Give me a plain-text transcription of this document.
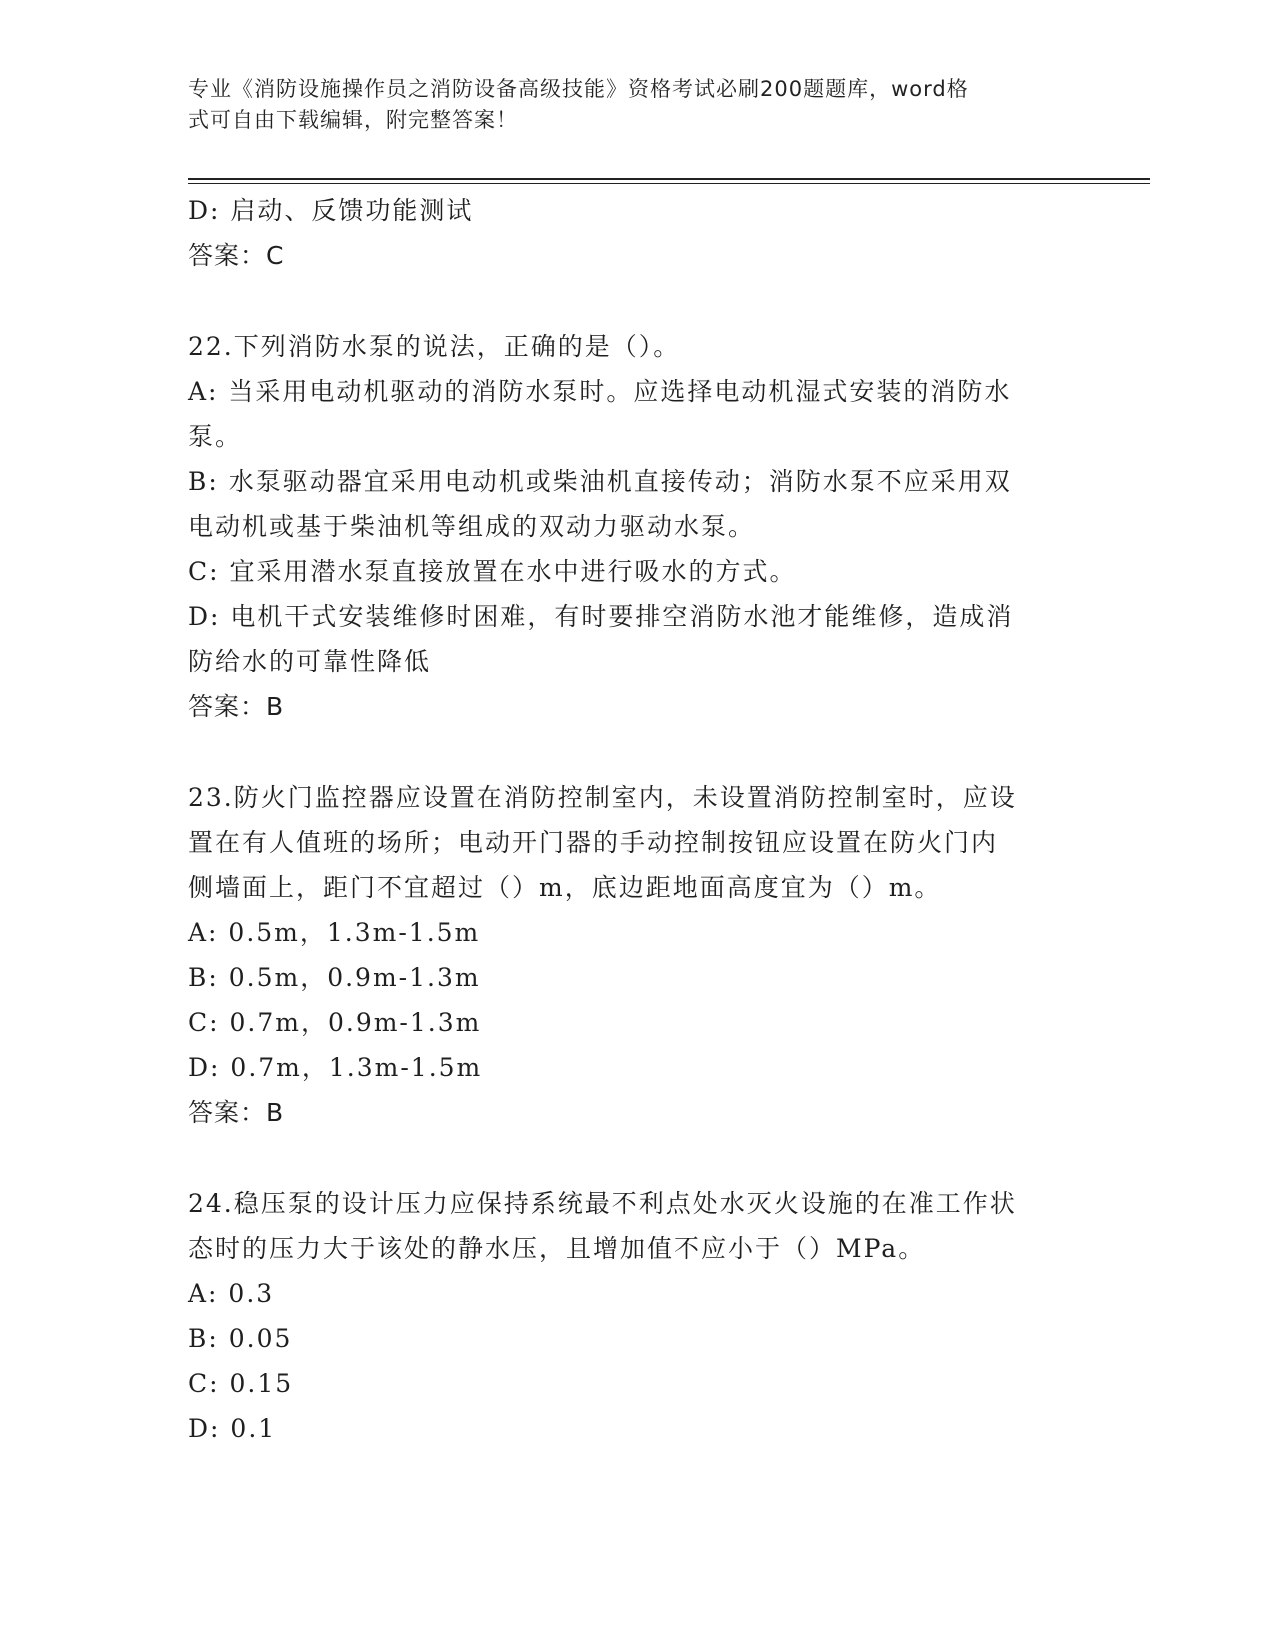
专业《消防设施操作员之消防设备高级技能》资格考试必刷200题题库，word格
式可自由下载编辑，附完整答案！
D: 启动、反馈功能测试
答案：C
22.下列消防水泵的说法，正确的是（）。
A: 当采用电动机驱动的消防水泵时。应选择电动机湿式安装的消防水
泵。
B: 水泵驱动器宜采用电动机或柴油机直接传动；消防水泵不应采用双
电动机或基于柴油机等组成的双动力驱动水泵。
C: 宜采用潜水泵直接放置在水中进行吸水的方式。
D: 电机干式安装维修时困难，有时要排空消防水池才能维修，造成消
防给水的可靠性降低
答案：B
23.防火门监控器应设置在消防控制室内，未设置消防控制室时，应设
置在有人值班的场所；电动开门器的手动控制按钮应设置在防火门内
侧墙面上，距门不宜超过（）m，底边距地面高度宜为（）m。
A: 0.5m，1.3m-1.5m
B: 0.5m，0.9m-1.3m
C: 0.7m，0.9m-1.3m
D: 0.7m，1.3m-1.5m
答案：B
24.稳压泵的设计压力应保持系统最不利点处水灭火设施的在准工作状
态时的压力大于该处的静水压，且增加值不应小于（）MPa。
A: 0.3
B: 0.05
C: 0.15
D: 0.1
